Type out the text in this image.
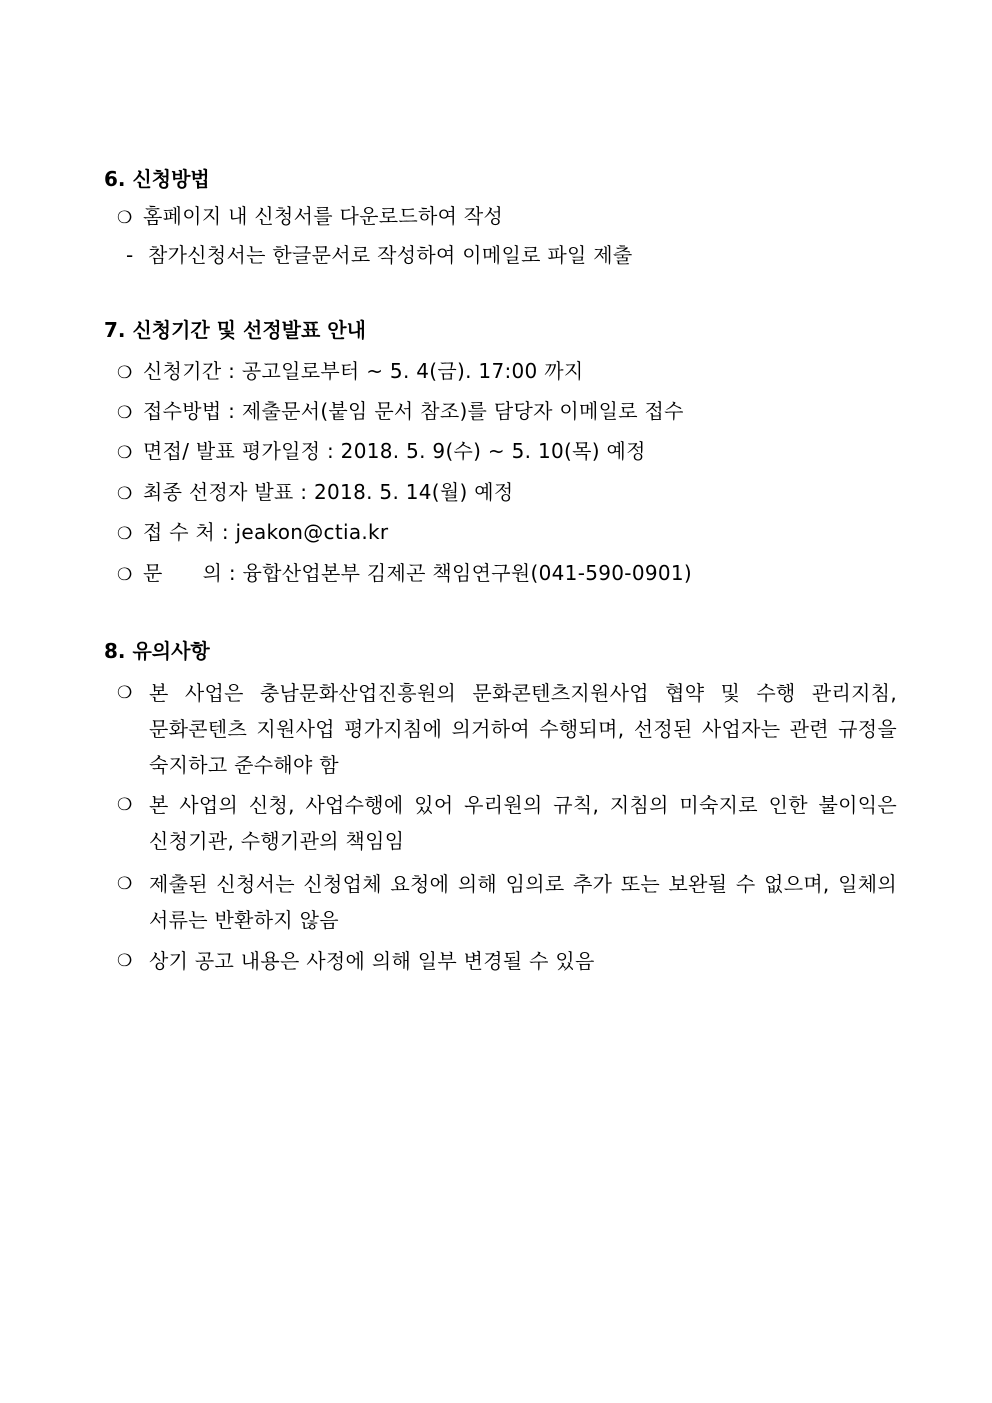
6. 신청방법
❍ 홈페이지 내 신청서를 다운로드하여 작성
- 참가신청서는 한글문서로 작성하여 이메일로 파일 제출
7. 신청기간 및 선정발표 안내
❍ 신청기간 : 공고일로부터 ~ 5. 4(금). 17:00 까지
❍ 접수방법 : 제출문서(붙임 문서 참조)를 담당자 이메일로 접수
❍ 면접/ 발표 평가일정 : 2018. 5. 9(수) ~ 5. 10(목) 예정
❍ 최종 선정자 발표 : 2018. 5. 14(월) 예정
❍ 접 수 처 : jeakon@ctia.kr
❍ 문      의 : 융합산업본부 김제곤 책임연구원(041-590-0901)
8. 유의사항
❍ 본 사업은 충남문화산업진흥원의 문화콘텐츠지원사업 협약 및 수행 관리지침, 문화콘텐츠 지원사업 평가지침에 의거하여 수행되며, 선정된 사업자는 관련 규정을 숙지하고 준수해야 함
❍ 본 사업의 신청, 사업수행에 있어 우리원의 규칙, 지침의 미숙지로 인한 불이익은 신청기관, 수행기관의 책임임
❍ 제출된 신청서는 신청업체 요청에 의해 임의로 추가 또는 보완될 수 없으며, 일체의 서류는 반환하지 않음
❍ 상기 공고 내용은 사정에 의해 일부 변경될 수 있음
